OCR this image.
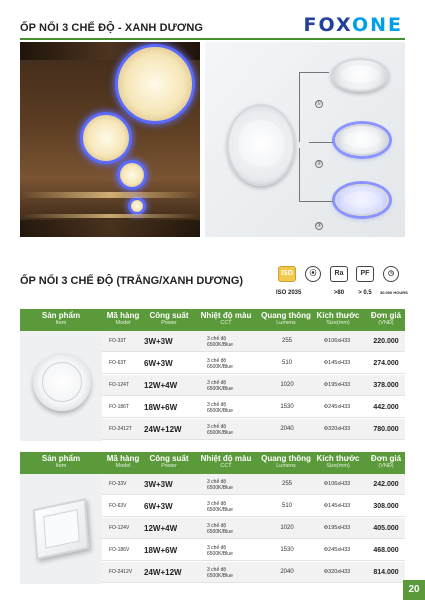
ỐP NỔI 3 CHẾ ĐỘ - XANH DƯƠNG	FOXONE
①
②
③
ỐP NỔI 3 CHẾ ĐỘ (TRẮNG/XANH DƯƠNG)
ISO
ISO 2035
⦿	Ra
>80
PF
> 0.5
◷
30.000 HOURS
Sản phẩm
Item
Mã hàng
Model
Công suất
Power
Nhiệt độ màu
CCT
Quang thông
Lumens
Kích thước
Size(mm)
Đơn giá
(VNĐ)
FO-33T 3W+3W	3 chế độ
6500K/Blue
255	Φ106xH33	220.000
FO-63T 6W+3W	3 chế độ
6500K/Blue
510	Φ145xH33	274.000
FO-124T 12W+4W	3 chế độ
6500K/Blue
1020	Φ195xH33	378.000
FO-186T 18W+6W	3 chế độ
6500K/Blue
1530	Φ245xH33	442.000
FO-2412T 24W+12W	3 chế độ
6500K/Blue
2040	Φ320xH33	780.000
Sản phẩm
Item
Mã hàng
Model
Công suất
Power
Nhiệt độ màu
CCT
Quang thông
Lumens
Kích thước
Size(mm)
Đơn giá
(VNĐ)
FO-33V 3W+3W	3 chế độ
6500K/Blue
255	Φ106xH33	242.000
FO-63V 6W+3W	3 chế độ
6500K/Blue
510	Φ145xH33	308.000
FO-124V 12W+4W	3 chế độ
6500K/Blue
1020	Φ195xH33	405.000
FO-186V 18W+6W	3 chế độ
6500K/Blue
1530	Φ245xH33	468.000
FO-2412V 24W+12W	3 chế độ
6500K/Blue
2040	Φ320xH33	814.000
20
